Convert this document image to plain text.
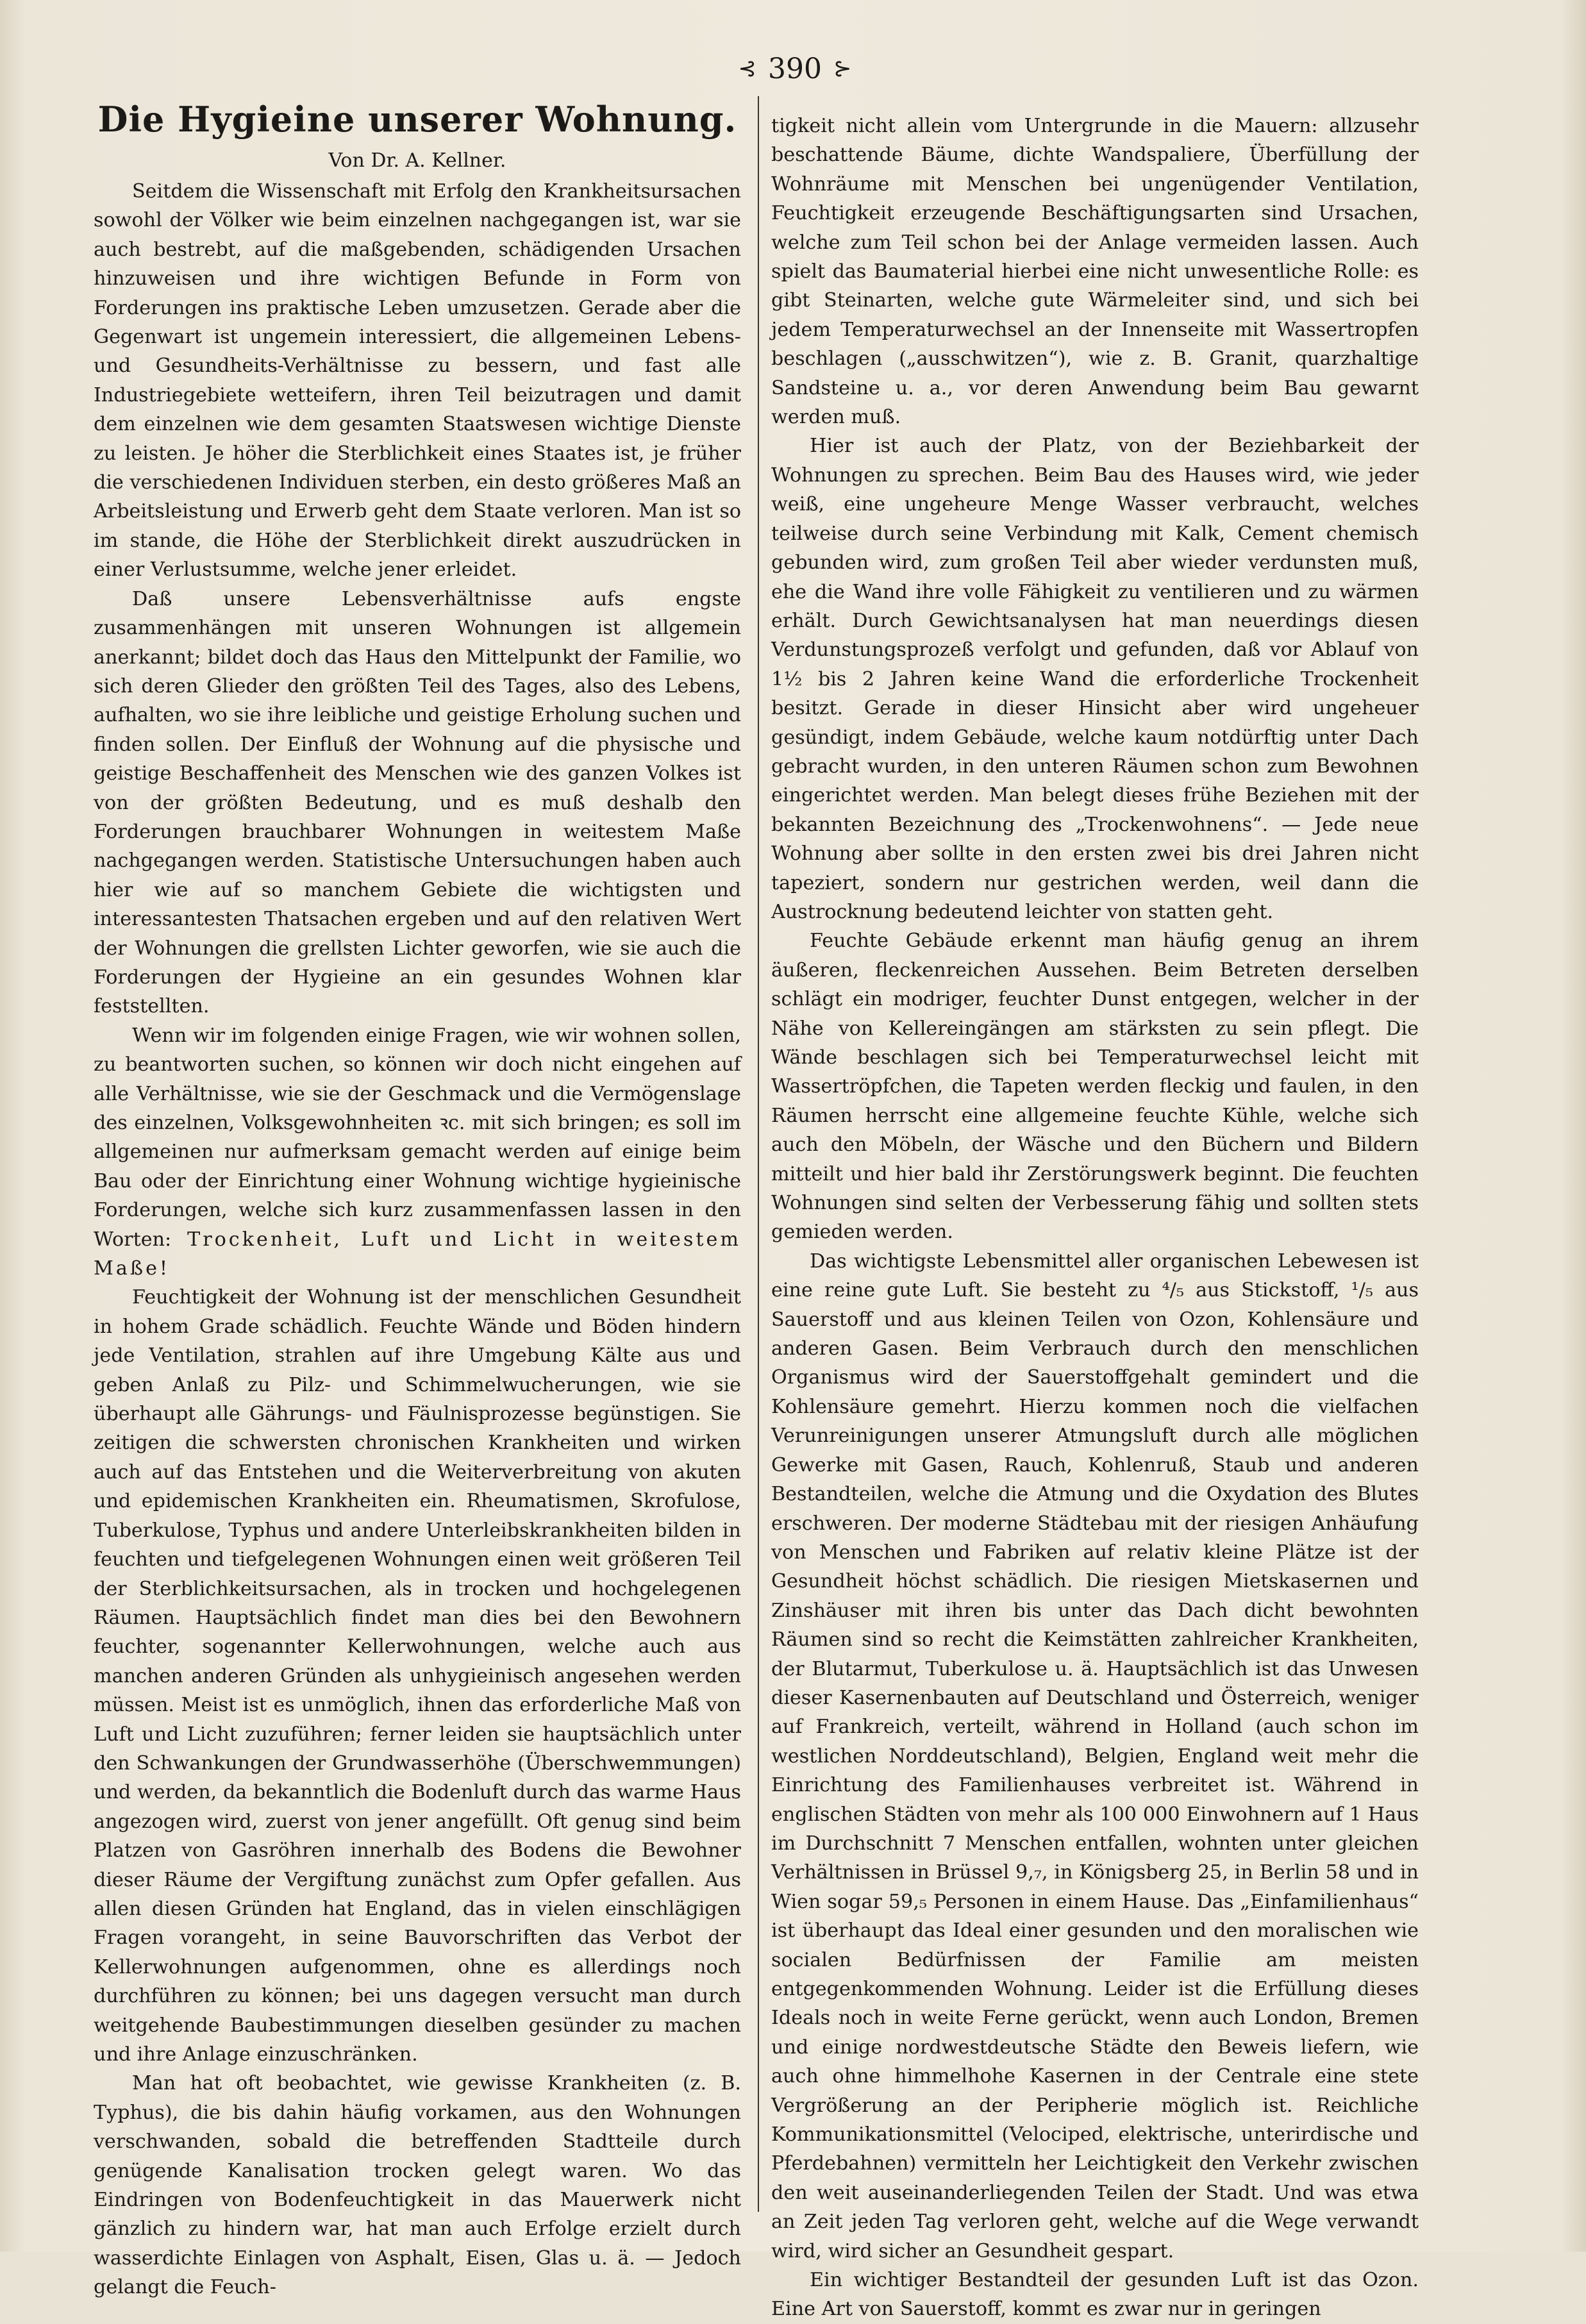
⊰ 390 ⊱
Die Hygieine unserer Wohnung.
Von Dr. A. Kellner.

Seitdem die Wissenschaft mit Erfolg den Krankheitsursachen sowohl der Völker wie beim einzelnen nachgegangen ist, war sie auch bestrebt, auf die maßgebenden, schädigenden Ursachen hinzuweisen und ihre wichtigen Befunde in Form von Forderungen ins praktische Leben umzusetzen. Gerade aber die Gegenwart ist ungemein interessiert, die allgemeinen Lebens- und Gesundheits-Verhältnisse zu bessern, und fast alle Industriegebiete wetteifern, ihren Teil beizutragen und damit dem einzelnen wie dem gesamten Staatswesen wichtige Dienste zu leisten. Je höher die Sterblichkeit eines Staates ist, je früher die verschiedenen Individuen sterben, ein desto größeres Maß an Arbeitsleistung und Erwerb geht dem Staate verloren. Man ist so im stande, die Höhe der Sterblichkeit direkt auszudrücken in einer Verlustsumme, welche jener erleidet.

Daß unsere Lebensverhältnisse aufs engste zusammenhängen mit unseren Wohnungen ist allgemein anerkannt; bildet doch das Haus den Mittelpunkt der Familie, wo sich deren Glieder den größten Teil des Tages, also des Lebens, aufhalten, wo sie ihre leibliche und geistige Erholung suchen und finden sollen. Der Einfluß der Wohnung auf die physische und geistige Beschaffenheit des Menschen wie des ganzen Volkes ist von der größten Bedeutung, und es muß deshalb den Forderungen brauchbarer Wohnungen in weitestem Maße nachgegangen werden. Statistische Untersuchungen haben auch hier wie auf so manchem Gebiete die wichtigsten und interessantesten Thatsachen ergeben und auf den relativen Wert der Wohnungen die grellsten Lichter geworfen, wie sie auch die Forderungen der Hygieine an ein gesundes Wohnen klar feststellten.

Wenn wir im folgenden einige Fragen, wie wir wohnen sollen, zu beantworten suchen, so können wir doch nicht eingehen auf alle Verhältnisse, wie sie der Geschmack und die Vermögenslage des einzelnen, Volksgewohnheiten ꝛc. mit sich bringen; es soll im allgemeinen nur aufmerksam gemacht werden auf einige beim Bau oder der Einrichtung einer Wohnung wichtige hygieinische Forderungen, welche sich kurz zusammenfassen lassen in den Worten: Trockenheit, Luft und Licht in weitestem Maße!

Feuchtigkeit der Wohnung ist der menschlichen Gesundheit in hohem Grade schädlich. Feuchte Wände und Böden hindern jede Ventilation, strahlen auf ihre Umgebung Kälte aus und geben Anlaß zu Pilz- und Schimmelwucherungen, wie sie überhaupt alle Gährungs- und Fäulnisprozesse begünstigen. Sie zeitigen die schwersten chronischen Krankheiten und wirken auch auf das Entstehen und die Weiterverbreitung von akuten und epidemischen Krankheiten ein. Rheumatismen, Skrofulose, Tuberkulose, Typhus und andere Unterleibskrankheiten bilden in feuchten und tiefgelegenen Wohnungen einen weit größeren Teil der Sterblichkeitsursachen, als in trocken und hochgelegenen Räumen. Hauptsächlich findet man dies bei den Bewohnern feuchter, sogenannter Kellerwohnungen, welche auch aus manchen anderen Gründen als unhygieinisch angesehen werden müssen. Meist ist es unmöglich, ihnen das erforderliche Maß von Luft und Licht zuzuführen; ferner leiden sie hauptsächlich unter den Schwankungen der Grundwasserhöhe (Überschwemmungen) und werden, da bekanntlich die Bodenluft durch das warme Haus angezogen wird, zuerst von jener angefüllt. Oft genug sind beim Platzen von Gasröhren innerhalb des Bodens die Bewohner dieser Räume der Vergiftung zunächst zum Opfer gefallen. Aus allen diesen Gründen hat England, das in vielen einschlägigen Fragen vorangeht, in seine Bauvorschriften das Verbot der Kellerwohnungen aufgenommen, ohne es allerdings noch durchführen zu können; bei uns dagegen versucht man durch weitgehende Baubestimmungen dieselben gesünder zu machen und ihre Anlage einzuschränken.

Man hat oft beobachtet, wie gewisse Krankheiten (z. B. Typhus), die bis dahin häufig vorkamen, aus den Wohnungen verschwanden, sobald die betreffenden Stadtteile durch genügende Kanalisation trocken gelegt waren. Wo das Eindringen von Bodenfeuchtigkeit in das Mauerwerk nicht gänzlich zu hindern war, hat man auch Erfolge erzielt durch wasserdichte Einlagen von Asphalt, Eisen, Glas u. ä. — Jedoch gelangt die Feuch-

tigkeit nicht allein vom Untergrunde in die Mauern: allzusehr beschattende Bäume, dichte Wandspaliere, Überfüllung der Wohnräume mit Menschen bei ungenügender Ventilation, Feuchtigkeit erzeugende Beschäftigungsarten sind Ursachen, welche zum Teil schon bei der Anlage vermeiden lassen. Auch spielt das Baumaterial hierbei eine nicht unwesentliche Rolle: es gibt Steinarten, welche gute Wärmeleiter sind, und sich bei jedem Temperaturwechsel an der Innenseite mit Wassertropfen beschlagen („ausschwitzen“), wie z. B. Granit, quarzhaltige Sandsteine u. a., vor deren Anwendung beim Bau gewarnt werden muß.

Hier ist auch der Platz, von der Beziehbarkeit der Wohnungen zu sprechen. Beim Bau des Hauses wird, wie jeder weiß, eine ungeheure Menge Wasser verbraucht, welches teilweise durch seine Verbindung mit Kalk, Cement chemisch gebunden wird, zum großen Teil aber wieder verdunsten muß, ehe die Wand ihre volle Fähigkeit zu ventilieren und zu wärmen erhält. Durch Gewichtsanalysen hat man neuerdings diesen Verdunstungsprozeß verfolgt und gefunden, daß vor Ablauf von 1½ bis 2 Jahren keine Wand die erforderliche Trockenheit besitzt. Gerade in dieser Hinsicht aber wird ungeheuer gesündigt, indem Gebäude, welche kaum notdürftig unter Dach gebracht wurden, in den unteren Räumen schon zum Bewohnen eingerichtet werden. Man belegt dieses frühe Beziehen mit der bekannten Bezeichnung des „Trockenwohnens“. — Jede neue Wohnung aber sollte in den ersten zwei bis drei Jahren nicht tapeziert, sondern nur gestrichen werden, weil dann die Austrocknung bedeutend leichter von statten geht.

Feuchte Gebäude erkennt man häufig genug an ihrem äußeren, fleckenreichen Aussehen. Beim Betreten derselben schlägt ein modriger, feuchter Dunst entgegen, welcher in der Nähe von Kellereingängen am stärksten zu sein pflegt. Die Wände beschlagen sich bei Temperaturwechsel leicht mit Wassertröpfchen, die Tapeten werden fleckig und faulen, in den Räumen herrscht eine allgemeine feuchte Kühle, welche sich auch den Möbeln, der Wäsche und den Büchern und Bildern mitteilt und hier bald ihr Zerstörungswerk beginnt. Die feuchten Wohnungen sind selten der Verbesserung fähig und sollten stets gemieden werden.

Das wichtigste Lebensmittel aller organischen Lebewesen ist eine reine gute Luft. Sie besteht zu ⁴/₅ aus Stickstoff, ¹/₅ aus Sauerstoff und aus kleinen Teilen von Ozon, Kohlensäure und anderen Gasen. Beim Verbrauch durch den menschlichen Organismus wird der Sauerstoffgehalt gemindert und die Kohlensäure gemehrt. Hierzu kommen noch die vielfachen Verunreinigungen unserer Atmungsluft durch alle möglichen Gewerke mit Gasen, Rauch, Kohlenruß, Staub und anderen Bestandteilen, welche die Atmung und die Oxydation des Blutes erschweren. Der moderne Städtebau mit der riesigen Anhäufung von Menschen und Fabriken auf relativ kleine Plätze ist der Gesundheit höchst schädlich. Die riesigen Mietskasernen und Zinshäuser mit ihren bis unter das Dach dicht bewohnten Räumen sind so recht die Keimstätten zahlreicher Krankheiten, der Blutarmut, Tuberkulose u. ä. Hauptsächlich ist das Unwesen dieser Kasernenbauten auf Deutschland und Österreich, weniger auf Frankreich, verteilt, während in Holland (auch schon im westlichen Norddeutschland), Belgien, England weit mehr die Einrichtung des Familienhauses verbreitet ist. Während in englischen Städten von mehr als 100 000 Einwohnern auf 1 Haus im Durchschnitt 7 Menschen entfallen, wohnten unter gleichen Verhältnissen in Brüssel 9,₇, in Königsberg 25, in Berlin 58 und in Wien sogar 59,₅ Personen in einem Hause. Das „Einfamilienhaus“ ist überhaupt das Ideal einer gesunden und den moralischen wie socialen Bedürfnissen der Familie am meisten entgegenkommenden Wohnung. Leider ist die Erfüllung dieses Ideals noch in weite Ferne gerückt, wenn auch London, Bremen und einige nordwestdeutsche Städte den Beweis liefern, wie auch ohne himmelhohe Kasernen in der Centrale eine stete Vergrößerung an der Peripherie möglich ist. Reichliche Kommunikationsmittel (Velociped, elektrische, unterirdische und Pferdebahnen) vermitteln her Leichtigkeit den Verkehr zwischen den weit auseinanderliegenden Teilen der Stadt. Und was etwa an Zeit jeden Tag verloren geht, welche auf die Wege verwandt wird, wird sicher an Gesundheit gespart.

Ein wichtiger Bestandteil der gesunden Luft ist das Ozon. Eine Art von Sauerstoff, kommt es zwar nur in geringen
